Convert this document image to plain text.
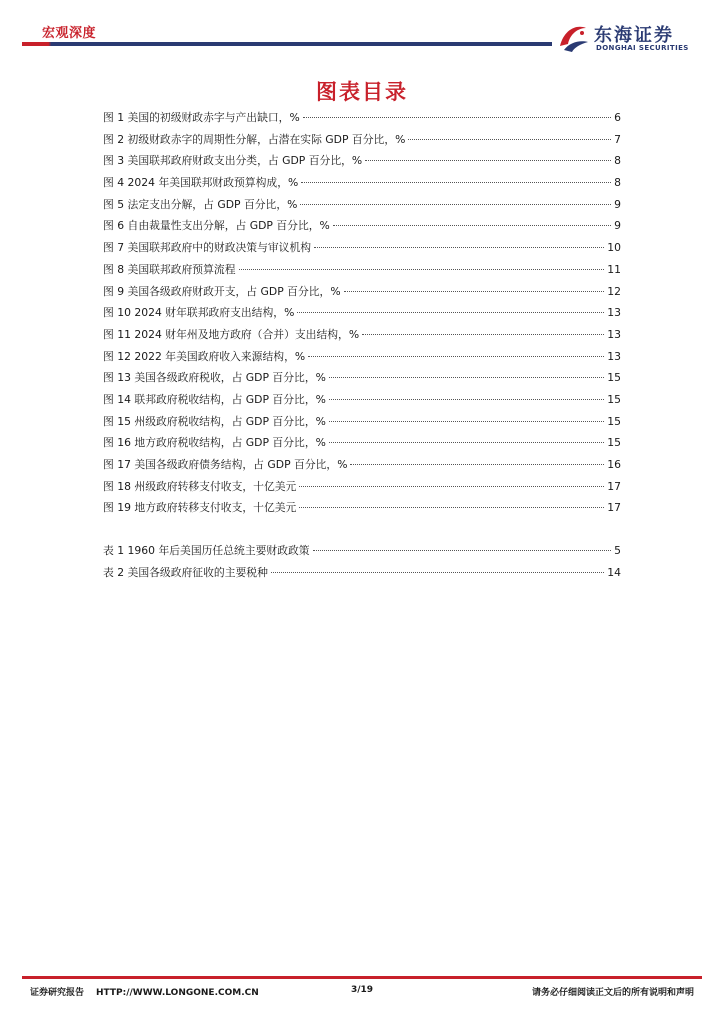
宏观深度	东海证券
DONGHAI SECURITIES
图表目录
图 1 美国的初级财政赤字与产出缺口，%	6
图 2 初级财政赤字的周期性分解，占潜在实际 GDP 百分比，%	7
图 3 美国联邦政府财政支出分类，占 GDP 百分比，%	8
图 4 2024 年美国联邦财政预算构成，%	8
图 5 法定支出分解，占 GDP 百分比，%	9
图 6 自由裁量性支出分解，占 GDP 百分比，%	9
图 7 美国联邦政府中的财政决策与审议机构	10
图 8 美国联邦政府预算流程	11
图 9 美国各级政府财政开支，占 GDP 百分比，%	12
图 10 2024 财年联邦政府支出结构，%	13
图 11 2024 财年州及地方政府（合并）支出结构，%	13
图 12 2022 年美国政府收入来源结构，%	13
图 13 美国各级政府税收，占 GDP 百分比，%	15
图 14 联邦政府税收结构，占 GDP 百分比，%	15
图 15 州级政府税收结构，占 GDP 百分比，%	15
图 16 地方政府税收结构，占 GDP 百分比，%	15
图 17 美国各级政府债务结构，占 GDP 百分比，%	16
图 18 州级政府转移支付收支，十亿美元	17
图 19 地方政府转移支付收支，十亿美元	17
表 1 1960 年后美国历任总统主要财政政策	5
表 2 美国各级政府征收的主要税种	14
证券研究报告 HTTP://WWW.LONGONE.COM.CN	3/19	请务必仔细阅读正文后的所有说明和声明
